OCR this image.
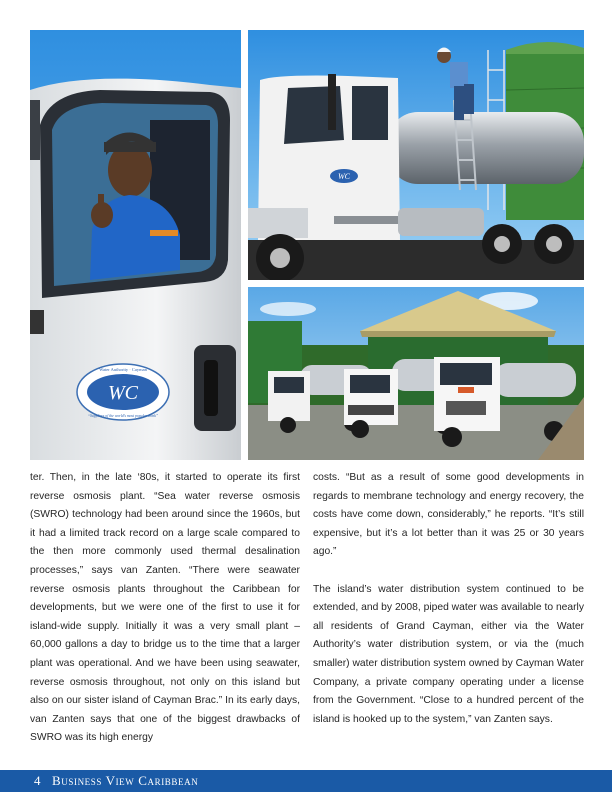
WC
Water Authority · Cayman
“Suppliers of the world’s most popular drink”
WC

ter. Then, in the late ‘80s, it started to operate its first reverse osmosis plant. “Sea water reverse osmosis (SWRO) technology had been around since the 1960s, but it had a limited track record on a large scale compared to the then more commonly used thermal desalination processes,” says van Zanten. “There were seawater reverse osmosis plants throughout the Caribbean for developments, but we were one of the first to use it for island-wide supply. Initially it was a very small plant – 60,000 gallons a day to bridge us to the time that a larger plant was operational. And we have been using seawater, reverse osmosis throughout, not only on this island but also on our sister island of Cayman Brac.” In its early days, van Zanten says that one of the biggest drawbacks of SWRO was its high energy

costs. “But as a result of some good developments in regards to membrane technology and energy recovery, the costs have come down, considerably,” he reports. “It’s still expensive, but it’s a lot better than it was 25 or 30 years ago.”

The island’s water distribution system continued to be extended, and by 2008, piped water was available to nearly all residents of Grand Cayman, either via the Water Authority’s water distribution system, or via the (much smaller) water distribution system owned by Cayman Water Company, a private company operating under a license from the Government. “Close to a hundred percent of the island is hooked up to the system,” van Zanten says.

4 Business View Caribbean
